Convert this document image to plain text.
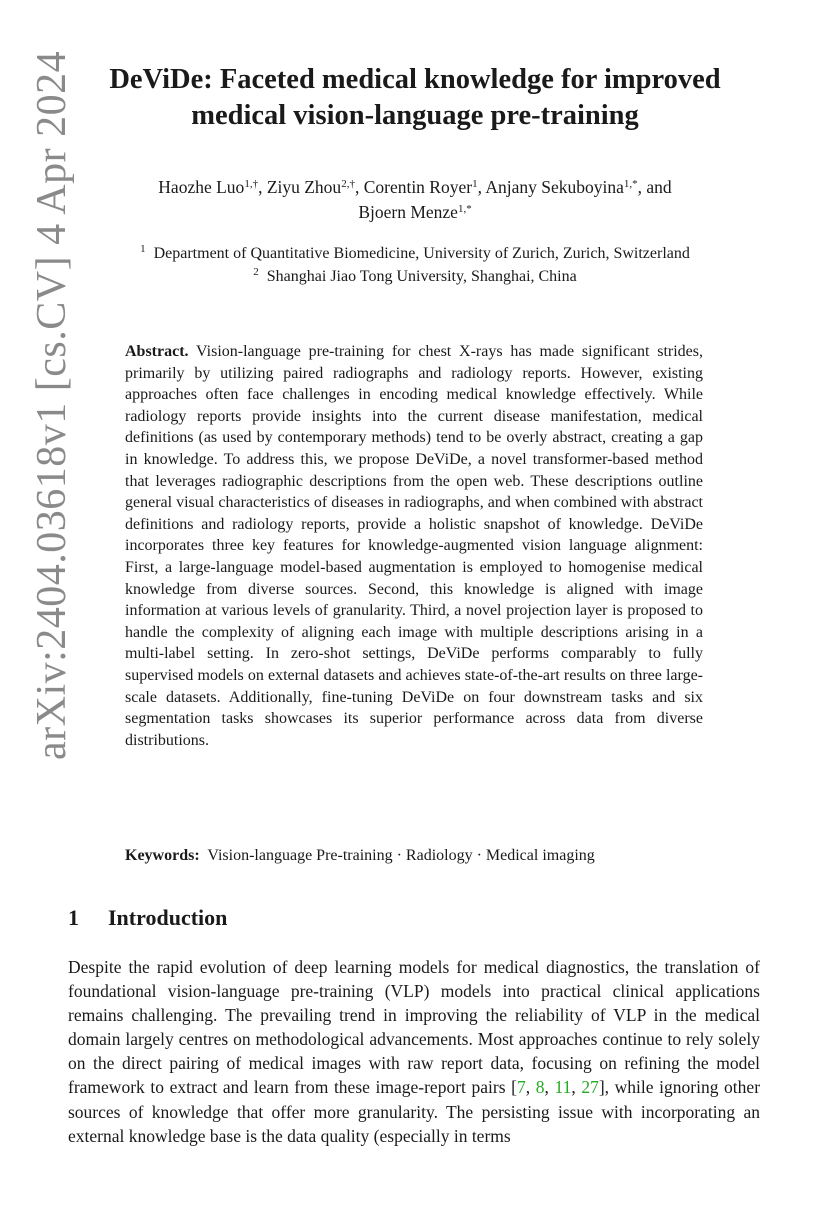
arXiv:2404.03618v1 [cs.CV] 4 Apr 2024	DeViDe: Faceted medical knowledge for improved
medical vision-language pre-training
Haozhe Luo$^{1,\dagger}$, Ziyu Zhou$^{2,\dagger}$, Corentin Royer$^1$, Anjany Sekuboyina$^{1,*}$, and
Bjoern Menze$^{1,*}$
$^1$ Department of Quantitative Biomedicine, University of Zurich, Zurich, Switzerland
$^2$ Shanghai Jiao Tong University, Shanghai, China
Abstract. Vision-language pre-training for chest X-rays has made significant strides, primarily by utilizing paired radiographs and radiology reports. However, existing approaches often face challenges in encoding medical knowledge effectively. While radiology reports provide insights into the current disease manifestation, medical definitions (as used by contemporary methods) tend to be overly abstract, creating a gap in knowledge. To address this, we propose DeViDe, a novel transformer-based method that leverages radiographic descriptions from the open web. These descriptions outline general visual characteristics of diseases in radiographs, and when combined with abstract definitions and radiology reports, provide a holistic snapshot of knowledge. DeViDe incorporates three key features for knowledge-augmented vision language alignment: First, a large-language model-based augmentation is employed to homogenise medical knowledge from diverse sources. Second, this knowledge is aligned with image information at various levels of granularity. Third, a novel projection layer is proposed to handle the complexity of aligning each image with multiple descriptions arising in a multi-label setting. In zero-shot settings, DeViDe performs comparably to fully supervised models on external datasets and achieves state-of-the-art results on three large-scale datasets. Additionally, fine-tuning DeViDe on four downstream tasks and six segmentation tasks showcases its superior performance across data from diverse distributions.
Keywords: Vision-language Pre-training · Radiology · Medical imaging
1 Introduction
Despite the rapid evolution of deep learning models for medical diagnostics, the translation of foundational vision-language pre-training (VLP) models into practical clinical applications remains challenging. The prevailing trend in improving the reliability of VLP in the medical domain largely centres on methodological advancements. Most approaches continue to rely solely on the direct pairing of medical images with raw report data, focusing on refining the model framework to extract and learn from these image-report pairs [7, 8, 11, 27], while ignoring other sources of knowledge that offer more granularity. The persisting issue with incorporating an external knowledge base is the data quality (especially in terms
